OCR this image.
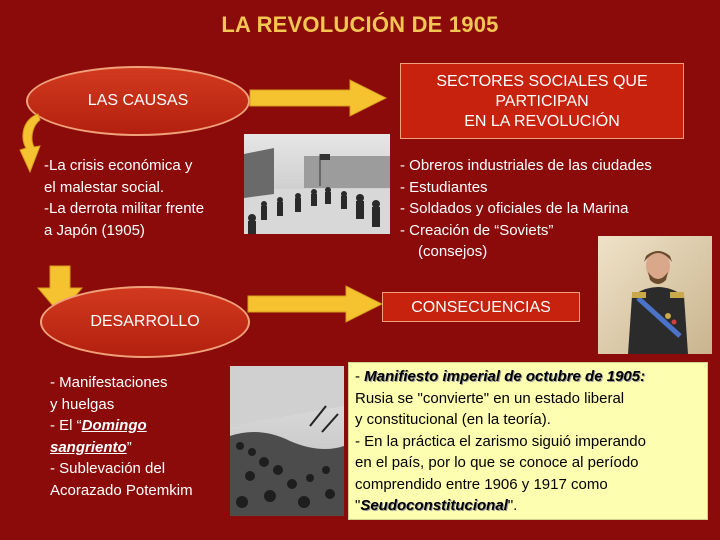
LA REVOLUCIÓN DE 1905
LAS CAUSAS
SECTORES SOCIALES QUE
PARTICIPAN
EN LA REVOLUCIÓN
-La crisis económica y
el malestar social.
-La derrota militar frente
a Japón (1905)
- Obreros industriales de las ciudades
- Estudiantes
- Soldados y oficiales de la Marina
- Creación de “Soviets”
(consejos)
DESARROLLO
CONSECUENCIAS
- Manifestaciones
y huelgas
- El “Domingo
sangriento”
- Sublevación del
Acorazado Potemkim
- Manifiesto imperial de octubre de 1905:
Rusia se "convierte" en un estado liberal
y constitucional (en la teoría).
- En la práctica el zarismo siguió imperando
en el país, por lo que se conoce al período
comprendido entre 1906 y 1917 como
"Seudoconstitucional".
